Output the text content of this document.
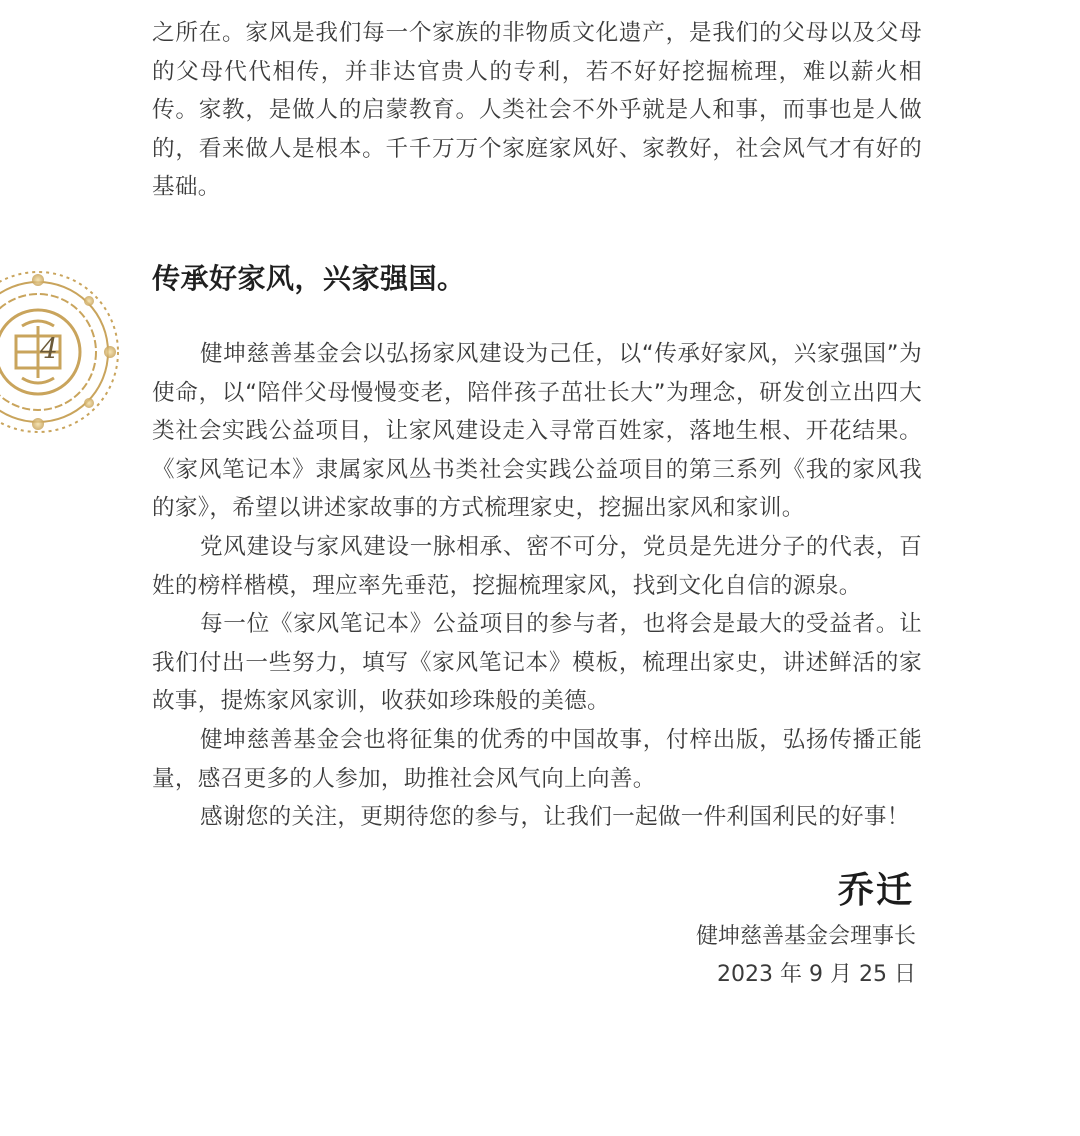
4

之所在。家风是我们每一个家族的非物质文化遗产，是我们的父母以及父母的父母代代相传，并非达官贵人的专利，若不好好挖掘梳理，难以薪火相传。家教，是做人的启蒙教育。人类社会不外乎就是人和事，而事也是人做的，看来做人是根本。千千万万个家庭家风好、家教好，社会风气才有好的基础。

传承好家风，兴家强国。

健坤慈善基金会以弘扬家风建设为己任，以“传承好家风，兴家强国”为使命，以“陪伴父母慢慢变老，陪伴孩子茁壮长大”为理念，研发创立出四大类社会实践公益项目，让家风建设走入寻常百姓家，落地生根、开花结果。《家风笔记本》隶属家风丛书类社会实践公益项目的第三系列《我的家风我的家》，希望以讲述家故事的方式梳理家史，挖掘出家风和家训。

党风建设与家风建设一脉相承、密不可分，党员是先进分子的代表，百姓的榜样楷模，理应率先垂范，挖掘梳理家风，找到文化自信的源泉。

每一位《家风笔记本》公益项目的参与者，也将会是最大的受益者。让我们付出一些努力，填写《家风笔记本》模板，梳理出家史，讲述鲜活的家故事，提炼家风家训，收获如珍珠般的美德。

健坤慈善基金会也将征集的优秀的中国故事，付梓出版，弘扬传播正能量，感召更多的人参加，助推社会风气向上向善。

感谢您的关注，更期待您的参与，让我们一起做一件利国利民的好事！

乔迁
健坤慈善基金会理事长
2023 年 9 月 25 日
